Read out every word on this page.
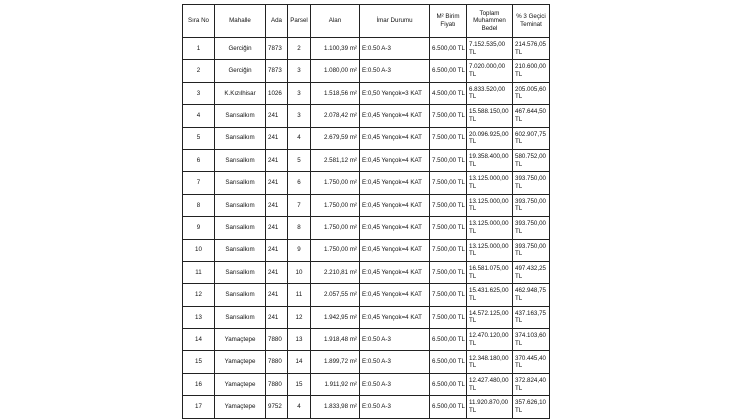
Sıra No	Mahalle	Ada	Parsel	Alan	İmar Durumu	M² Birim Fiyatı	Toplam Muhammen Bedel	% 3 Geçici Teminat
1	Gerciğin	7873	2	1.100,39 m²	E:0.50 A-3	6.500,00 TL	7.152.535,00 TL	214.576,05 TL
2	Gerciğin	7873	3	1.080,00 m²	E:0.50 A-3	6.500,00 TL	7.020.000,00 TL	210.600,00 TL
3	K.Kızılhisar	1026	3	1.518,56 m²	E:0,50 Yençok=3 KAT	4.500,00 TL	6.833.520,00 TL	205.005,60 TL
4	Sarısalkım	241	3	2.078,42 m²	E:0,45 Yençok=4 KAT	7.500,00 TL	15.588.150,00 TL	467.644,50 TL
5	Sarısalkım	241	4	2.679,59 m²	E:0,45 Yençok=4 KAT	7.500,00 TL	20.096.925,00 TL	602.907,75 TL
6	Sarısalkım	241	5	2.581,12 m²	E:0,45 Yençok=4 KAT	7.500,00 TL	19.358.400,00 TL	580.752,00 TL
7	Sarısalkım	241	6	1.750,00 m²	E:0,45 Yençok=4 KAT	7.500,00 TL	13.125.000,00 TL	393.750,00 TL
8	Sarısalkım	241	7	1.750,00 m²	E:0,45 Yençok=4 KAT	7.500,00 TL	13.125.000,00 TL	393.750,00 TL
9	Sarısalkım	241	8	1.750,00 m²	E:0,45 Yençok=4 KAT	7.500,00 TL	13.125.000,00 TL	393.750,00 TL
10	Sarısalkım	241	9	1.750,00 m²	E:0,45 Yençok=4 KAT	7.500,00 TL	13.125.000,00 TL	393.750,00 TL
11	Sarısalkım	241	10	2.210,81 m²	E:0,45 Yençok=4 KAT	7.500,00 TL	16.581.075,00 TL	497.432,25 TL
12	Sarısalkım	241	11	2.057,55 m²	E:0,45 Yençok=4 KAT	7.500,00 TL	15.431.625,00 TL	462.948,75 TL
13	Sarısalkım	241	12	1.942,95 m²	E:0,45 Yençok=4 KAT	7.500,00 TL	14.572.125,00 TL	437.163,75 TL
14	Yamaçtepe	7880	13	1.918,48 m²	E:0.50 A-3	6.500,00 TL	12.470.120,00 TL	374.103,60 TL
15	Yamaçtepe	7880	14	1.899,72 m²	E:0.50 A-3	6.500,00 TL	12.348.180,00 TL	370.445,40 TL
16	Yamaçtepe	7880	15	1.911,92 m²	E:0.50 A-3	6.500,00 TL	12.427.480,00 TL	372.824,40 TL
17	Yamaçtepe	9752	4	1.833,98 m²	E:0.50 A-3	6.500,00 TL	11.920.870,00 TL	357.626,10 TL
